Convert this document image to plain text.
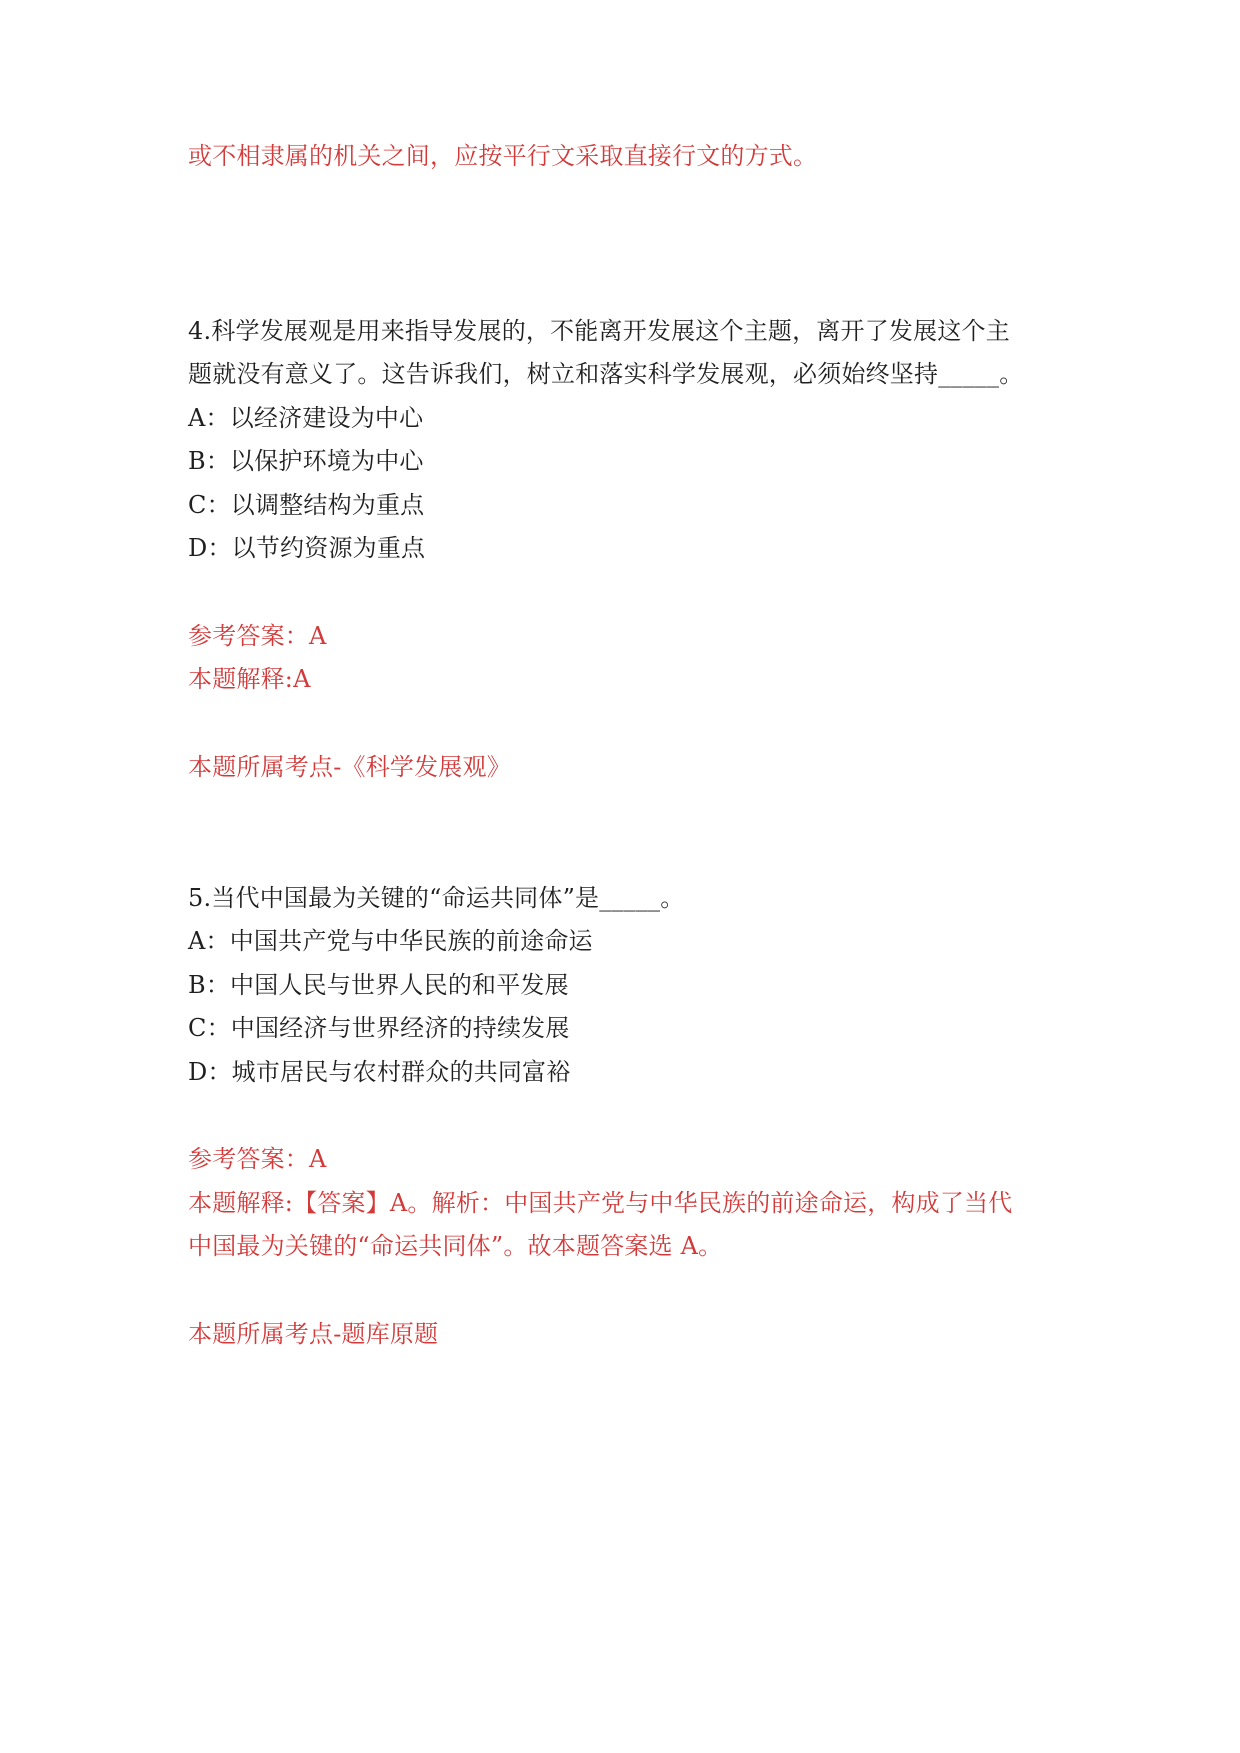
或不相隶属的机关之间，应按平行文采取直接行文的方式。
4.科学发展观是用来指导发展的，不能离开发展这个主题，离开了发展这个主
题就没有意义了。这告诉我们，树立和落实科学发展观，必须始终坚持_____。
A：以经济建设为中心
B：以保护环境为中心
C：以调整结构为重点
D：以节约资源为重点
参考答案：A
本题解释:A
本题所属考点-《科学发展观》
5.当代中国最为关键的“命运共同体”是_____。
A：中国共产党与中华民族的前途命运
B：中国人民与世界人民的和平发展
C：中国经济与世界经济的持续发展
D：城市居民与农村群众的共同富裕
参考答案：A
本题解释:【答案】A。解析：中国共产党与中华民族的前途命运，构成了当代
中国最为关键的“命运共同体”。故本题答案选 A。
本题所属考点-题库原题
